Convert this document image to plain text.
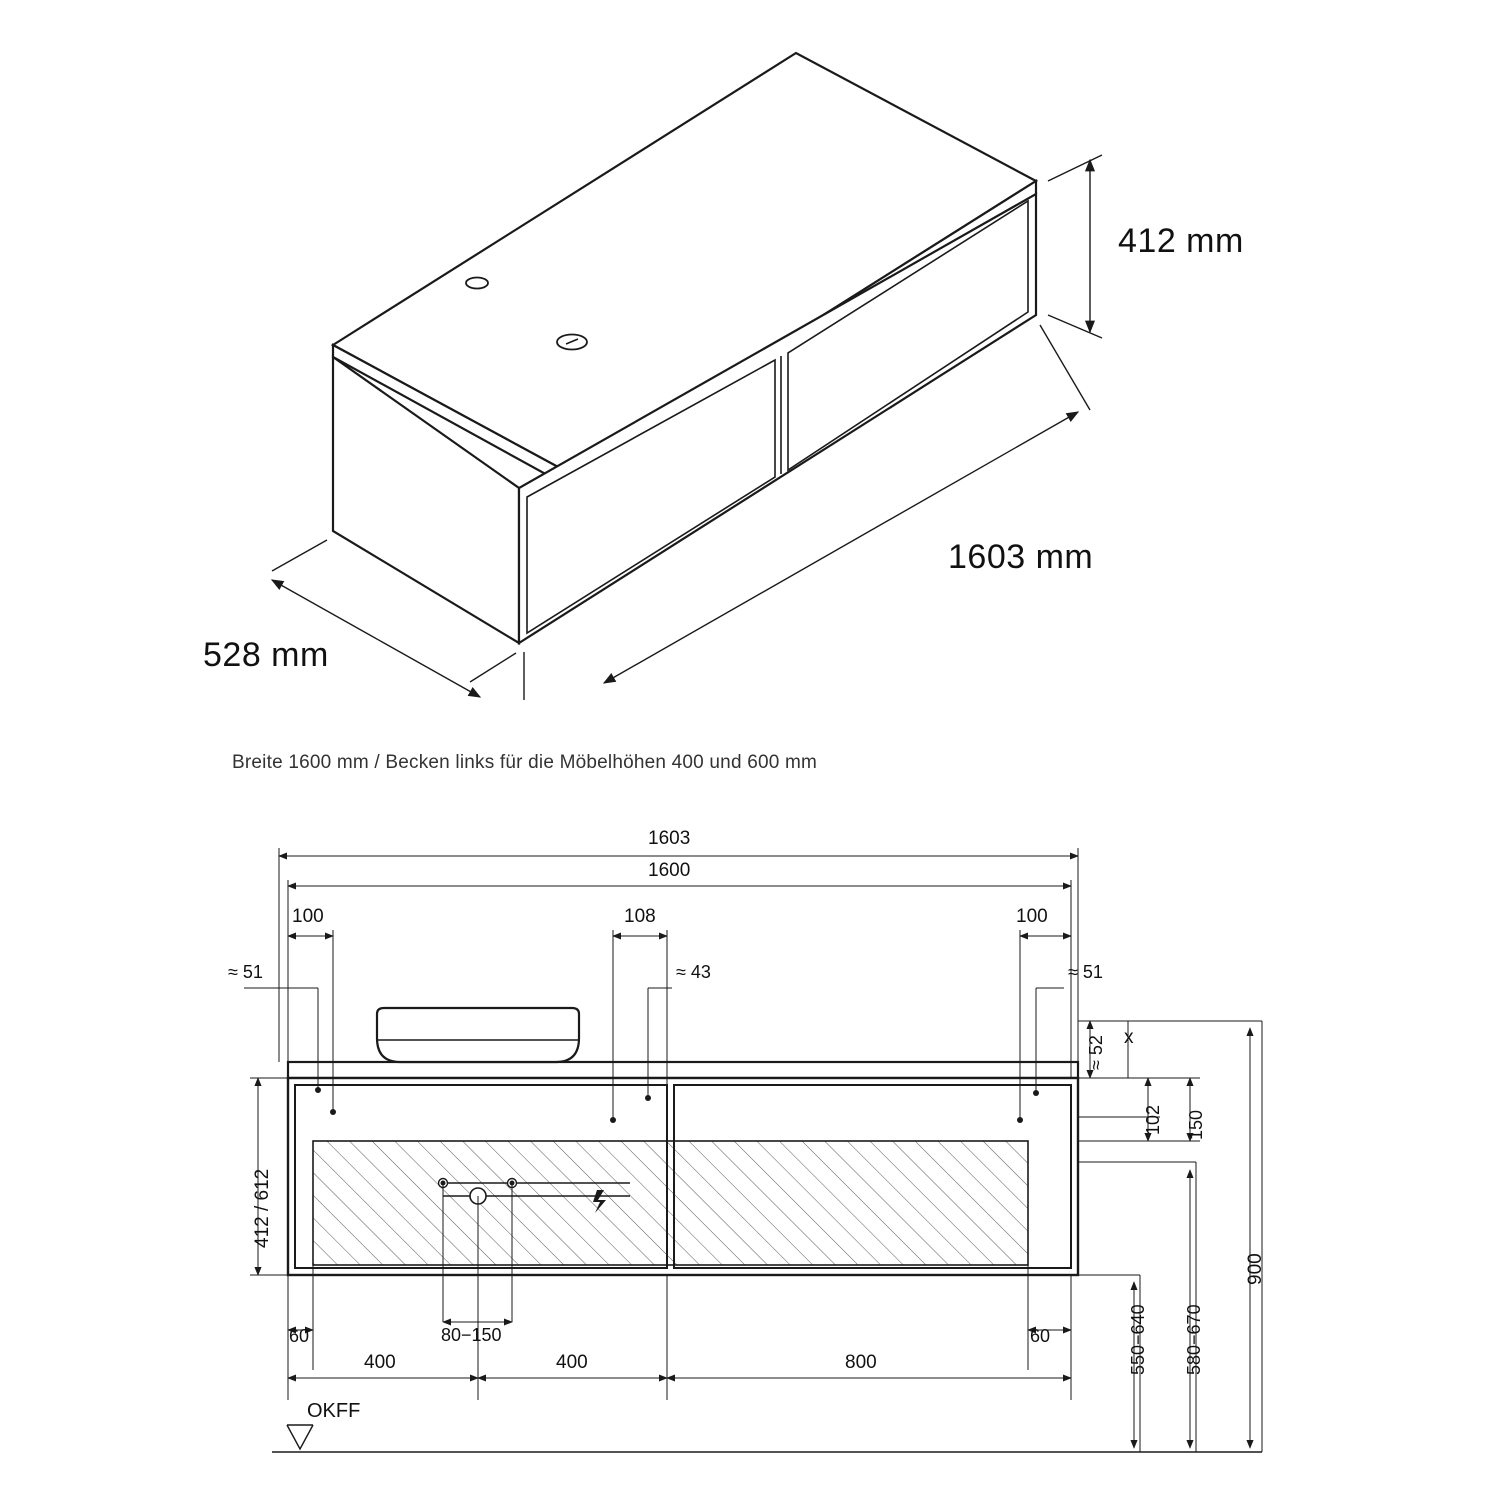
412 mm
1603 mm
528 mm
Breite 1600 mm / Becken links für die Möbelhöhen 400 und 600 mm
1603
1600
100	108	100
≈ 51	≈ 43	≈ 51
≈ 52 x
102 150
412 / 612
60	60
80−150
400	400	800	550−640 580−670
900
OKFF
